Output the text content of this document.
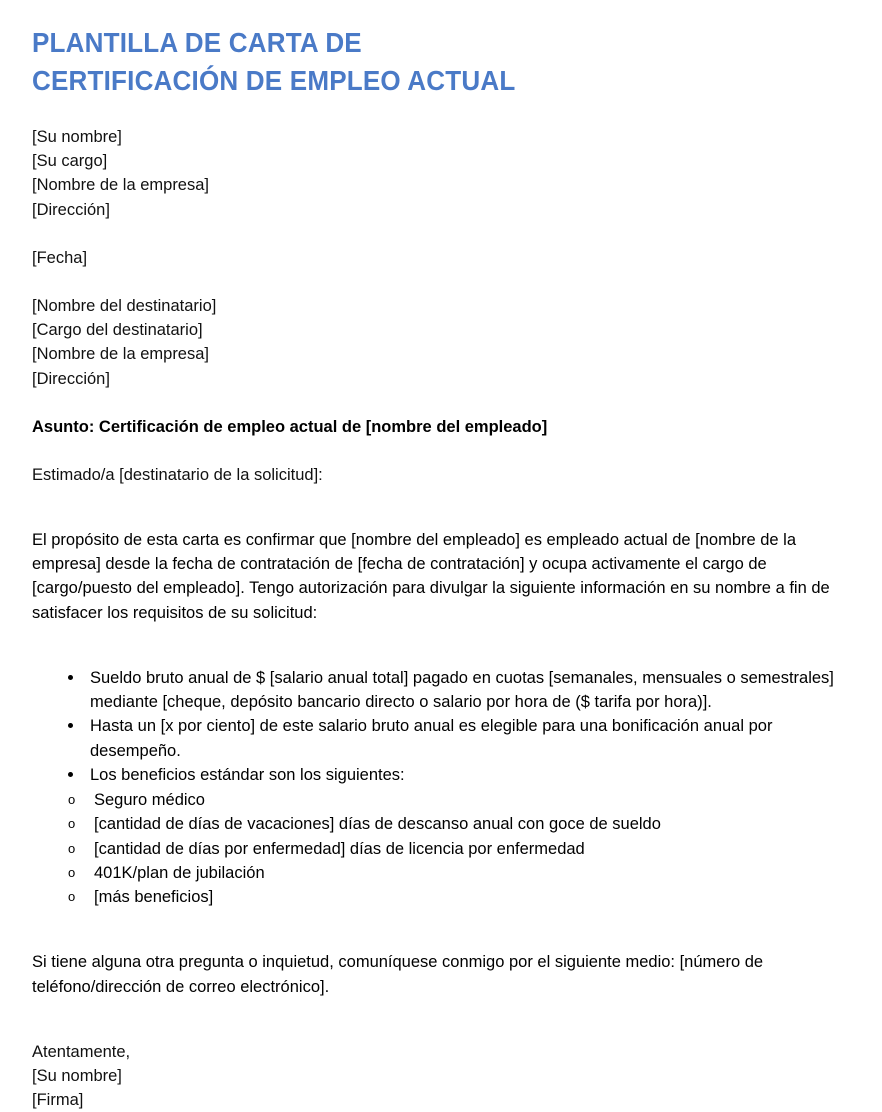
PLANTILLA DE CARTA DE
CERTIFICACIÓN DE EMPLEO ACTUAL
[Su nombre]
[Su cargo]
[Nombre de la empresa]
[Dirección]
[Fecha]
[Nombre del destinatario]
[Cargo del destinatario]
[Nombre de la empresa]
[Dirección]
Asunto: Certificación de empleo actual de [nombre del empleado]
Estimado/a [destinatario de la solicitud]:

El propósito de esta carta es confirmar que [nombre del empleado] es empleado actual de [nombre de la empresa] desde la fecha de contratación de [fecha de contratación] y ocupa activamente el cargo de [cargo/puesto del empleado]. Tengo autorización para divulgar la siguiente información en su nombre a fin de satisfacer los requisitos de su solicitud:

Sueldo bruto anual de $ [salario anual total] pagado en cuotas [semanales, mensuales o semestrales] mediante [cheque, depósito bancario directo o salario por hora de ($ tarifa por hora)].
Hasta un [x por ciento] de este salario bruto anual es elegible para una bonificación anual por desempeño.
Los beneficios estándar son los siguientes:
o Seguro médico
o [cantidad de días de vacaciones] días de descanso anual con goce de sueldo
o [cantidad de días por enfermedad] días de licencia por enfermedad
o 401K/plan de jubilación
o [más beneficios]

Si tiene alguna otra pregunta o inquietud, comuníquese conmigo por el siguiente medio: [número de teléfono/dirección de correo electrónico].

Atentamente,
[Su nombre]
[Firma]
